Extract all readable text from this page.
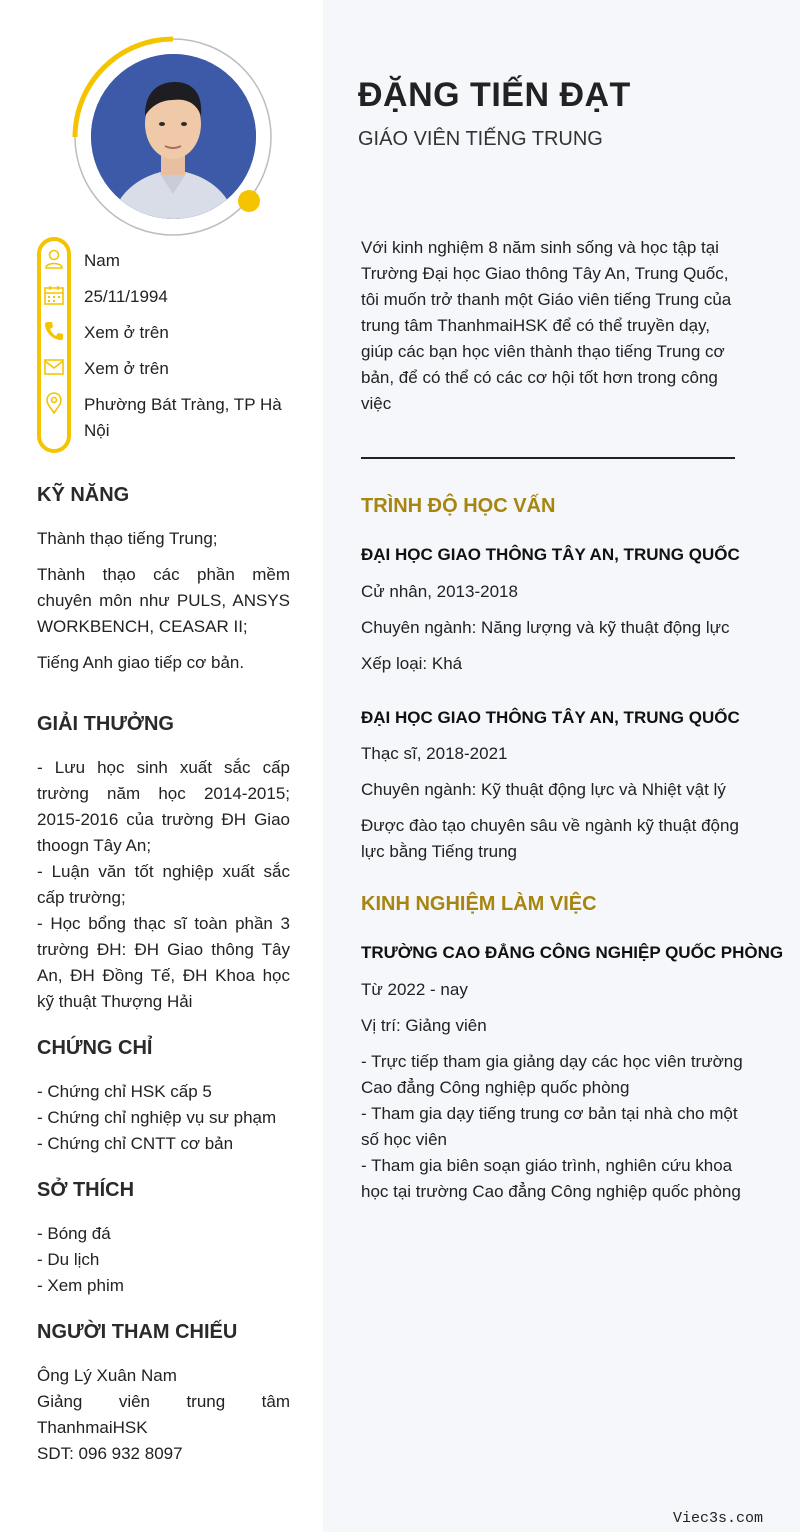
Nam
25/11/1994
Xem ở trên
Xem ở trên
Phường Bát Tràng, TP Hà
Nội
KỸ NĂNG

Thành thạo tiếng Trung;

Thành thạo các phần mềm chuyên môn như PULS, ANSYS WORKBENCH, CEASAR II;

Tiếng Anh giao tiếp cơ bản.

GIẢI THƯỞNG

- Lưu học sinh xuất sắc cấp trường năm học 2014-2015; 2015-2016 của trường ĐH Giao thoogn Tây An;
- Luận văn tốt nghiệp xuất sắc cấp trường;
- Học bổng thạc sĩ toàn phần 3 trường ĐH: ĐH Giao thông Tây An, ĐH Đồng Tế, ĐH Khoa học kỹ thuật Thượng Hải

CHỨNG CHỈ
- Chứng chỉ HSK cấp 5
- Chứng chỉ nghiệp vụ sư phạm
- Chứng chỉ CNTT cơ bản
SỞ THÍCH
- Bóng đá
- Du lịch
- Xem phim
NGƯỜI THAM CHIẾU
Ông Lý Xuân Nam
Giảng viên trung tâm ThanhmaiHSK
SDT: 096 932 8097
ĐẶNG TIẾN ĐẠT
GIÁO VIÊN TIẾNG TRUNG
Với kinh nghiệm 8 năm sinh sống và học tập tại Trường Đại học Giao thông Tây An, Trung Quốc, tôi muốn trở thanh một Giáo viên tiếng Trung của trung tâm ThanhmaiHSK để có thể truyền dạy, giúp các bạn học viên thành thạo tiếng Trung cơ bản, để có thể có các cơ hội tốt hơn trong công việc
TRÌNH ĐỘ HỌC VẤN
ĐẠI HỌC GIAO THÔNG TÂY AN, TRUNG QUỐC
Cử nhân, 2013-2018
Chuyên ngành: Năng lượng và kỹ thuật động lực
Xếp loại: Khá
ĐẠI HỌC GIAO THÔNG TÂY AN, TRUNG QUỐC
Thạc sĩ, 2018-2021
Chuyên ngành: Kỹ thuật động lực và Nhiệt vật lý
Được đào tạo chuyên sâu về ngành kỹ thuật động lực bằng Tiếng trung
KINH NGHIỆM LÀM VIỆC
TRƯỜNG CAO ĐẲNG CÔNG NGHIỆP QUỐC PHÒNG
Từ 2022 - nay
Vị trí: Giảng viên
- Trực tiếp tham gia giảng dạy các học viên trường Cao đẳng Công nghiệp quốc phòng
- Tham gia dạy tiếng trung cơ bản tại nhà cho một số học viên
- Tham gia biên soạn giáo trình, nghiên cứu khoa học tại trường Cao đẳng Công nghiệp quốc phòng
Viec3s.com
